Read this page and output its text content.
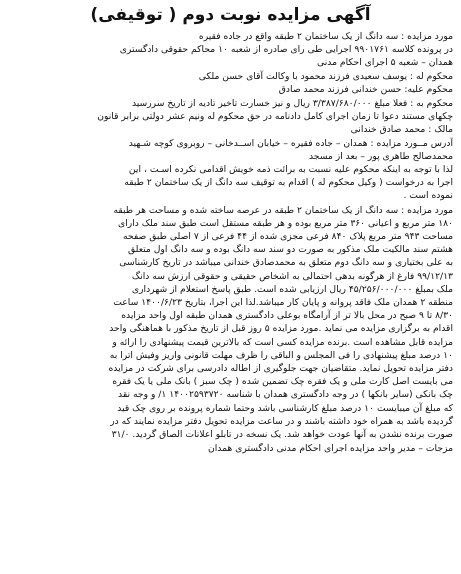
آگهی مزایده نوبت دوم ( توقیفی)
مورد مزایده : سه دانگ از یک ساختمان ۲ طبقه واقع در جاده فقیره
در پرونده کلاسه ۹۹۰۱۷۶۱ اجرایی طی رای صادره از شعبه ۱۰ محاکم حقوقی دادگستری
همدان – شعبه ۵ اجرای احکام مدنی
محکوم له : یوسف سعیدی فرزند محمود با وکالت آقای حسن ملکی
محکوم علیه: حسن خندانی فرزند محمد صادق
محکوم به : فعلا مبلغ ۳/۳۸۷/۶۸۰/۰۰۰ ریال و نیز خسارت تاخیر تادیه از تاریخ سررسید
چکهای مستند دعوا تا زمان اجرای کامل دادنامه در حق محکوم له ونیم عشر دولتی برابر قانون
مالک : محمد صادق خندانی
آدرس مــورد مزایده : همدان – جاده فقیره – خیابان اســدخانی – روبروی کوچه شـهید
محمدصالح طاهری پور – بعد از مسجد
لذا با توجه به اینکه محکوم علیه نسبت به برائت ذمه خویش اقدامی نکرده اسـت ، این
اجرا به درخواست ( وکیل محکوم له ) اقدام به توقیف سه دانگ از یک ساختمان ۲ طبقه
نموده است .
مورد مزایده : سه دانگ از یک ساختمان ۲ طبقه در عرصه ساخته شده و مساحت هر طبقه
۱۸۰ متر مربع و اعیانی ۳۶۰ متر مربع بوده و هر طبقه مستقل است طبق سند ملک دارای
مساحت ۹۴۳ متر مربع پلاک ۸۴۰ فرعی مجزی شده از ۴۴ فرعی از ۷ اصلی طبق صفحه
هشتم سند مالکیت ملک مذکور به صورت دو سند سه دانگ بوده و سه دانگ اول متعلق
به علی بختیاری و سه دانگ دوم متعلق به محمدصادق خندانی میباشد در تاریخ کارشناسی
۹۹/۱۲/۱۳ فارغ از هرگونه بدهی احتمالی به اشخاص حقیقی و حقوقی ارزش سه دانگ
ملک بمبلغ ۴۵/۲۵۶/۰۰۰/۰۰۰ ریال ارزیابی شده است. طبق پاسخ استعلام از شهرداری
منطقه ۲ همدان ملک فاقد پروانه و پایان کار میباشد.لذا این اجرا، بتاریخ ۱۴۰۰/۶/۲۳ ساعت
۸/۳۰ تا ۹ صبح در محل بالا تر از آرامگاه بوعلی دادگستری همدان طبقه اول واحد مزایده
اقدام به برگزاری مزایده می نماید .مورد مزایده ۵ روز قبل از تاریخ مذکور با هماهنگی واحد
مزایده قابل مشاهده است .برنده مزایده کسی است که بالاترین قیمت پیشنهادی را ارائه و
۱۰ درصد مبلغ پیشنهادی را فی المجلس و الباقی را ظرف مهلت قانونی واریز وفیش اترا به
دفتر مزایده تحویل نماید. متقاضیان جهت جلوگیری از اطاله دادرسی برای شرکت در مزایده
می بایست اصل کارت ملی و یک فقره چک تضمین شده ( چک سبز ) بانک ملی یا یک فقره
چک بانکی (سایر بانکها ) در وجه دادگستری همدان با شناسه ۱۴۰۰۲۵۹۳۷۲۰ ۱/ و وجه نقد
که مبلغ آن میبایست ۱۰ درصد مبلغ کارشناسی باشد وحتما شماره پرونده بر روی چک قید
گردیده باشد به همراه خود داشته باشند و در ساعت مزایده تحویل دفتر مزایده نمایند که در
صورت برنده نشدن به آنها عودت خواهد شد. یک نسخه در تابلو اعلانات الصاق گردید. ۳۱/۰
مزجات – مدیر واحد مزایده اجرای احکام مدنی دادگستری همدان
